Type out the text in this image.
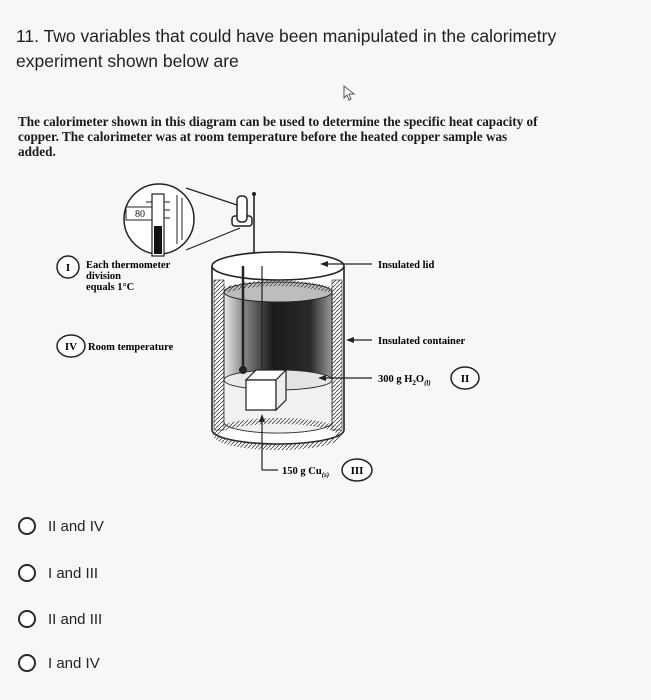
11. Two variables that could have been manipulated in the calorimetry experiment shown below are
The calorimeter shown in this diagram can be used to determine the specific heat capacity of copper. The calorimeter was at room temperature before the heated copper sample was added.
80
I Each thermometer
division
equals 1°C
IV Room temperature
Insulated lid
Insulated container
300 g $H_2O_{(l)}$	II
150 g $Cu_{(s)}$ III
II and IV
I and III
II and III
I and IV
